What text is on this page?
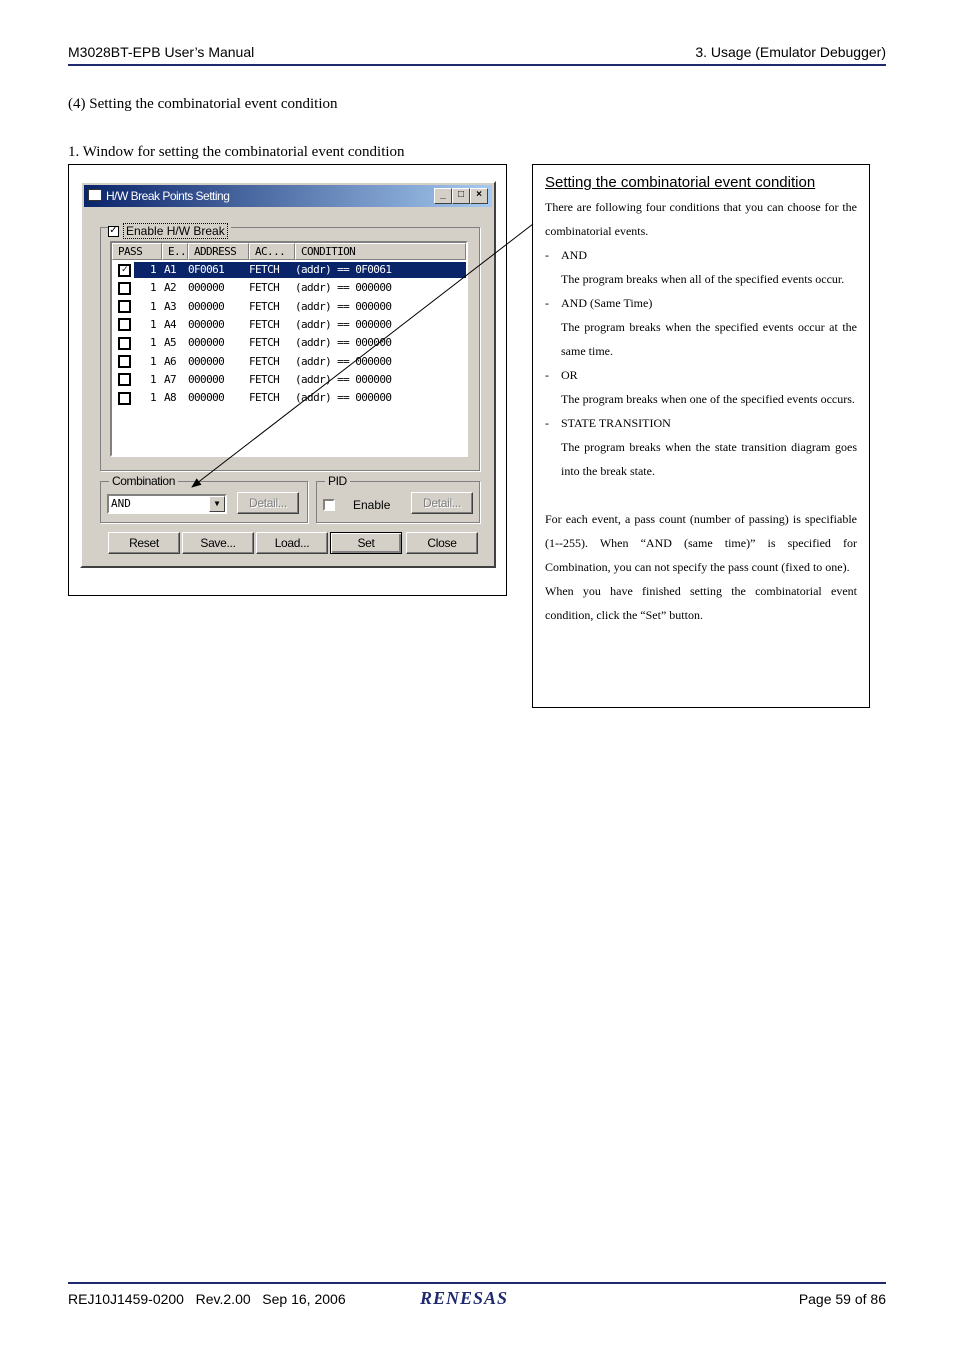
M3028BT-EPB User’s Manual	3. Usage (Emulator Debugger)
(4) Setting the combinatorial event condition
1. Window for setting the combinatorial event condition
H/W Break Points Setting	_	□	×
✓ Enable H/W Break
PASS	E.. ADDRESS	AC...	CONDITION
✓	1 A1	0F0061	FETCH	(addr) == 0F0061
1 A2	000000	FETCH	(addr) == 000000
1 A3	000000	FETCH	(addr) == 000000
1 A4	000000	FETCH	(addr) == 000000
1 A5	000000	FETCH	(addr) == 000000
1 A6	000000	FETCH	(addr) == 000000
1 A7	000000	FETCH	(addr) == 000000
1 A8	000000	FETCH	(addr) == 000000
Combination
AND	▼	Detail...
PID
Enable	Detail...
Reset	Save...	Load...	Set	Close

Setting the combinatorial event condition

There are following four conditions that you can choose for the combinatorial events.

-	AND
The program breaks when all of the specified events occur.
-	AND (Same Time)
The program breaks when the specified events occur at the same time.
-	OR
The program breaks when one of the specified events occurs.
-	STATE TRANSITION
The program breaks when the state transition diagram goes into the break state.

For each event, a pass count (number of passing) is specifiable (1--255). When “AND (same time)” is specified for Combination, you can not specify the pass count (fixed to one).

When you have finished setting the combinatorial event condition, click the “Set” button.

REJ10J1459-0200   Rev.2.00   Sep 16, 2006	RENESAS	Page 59 of 86
